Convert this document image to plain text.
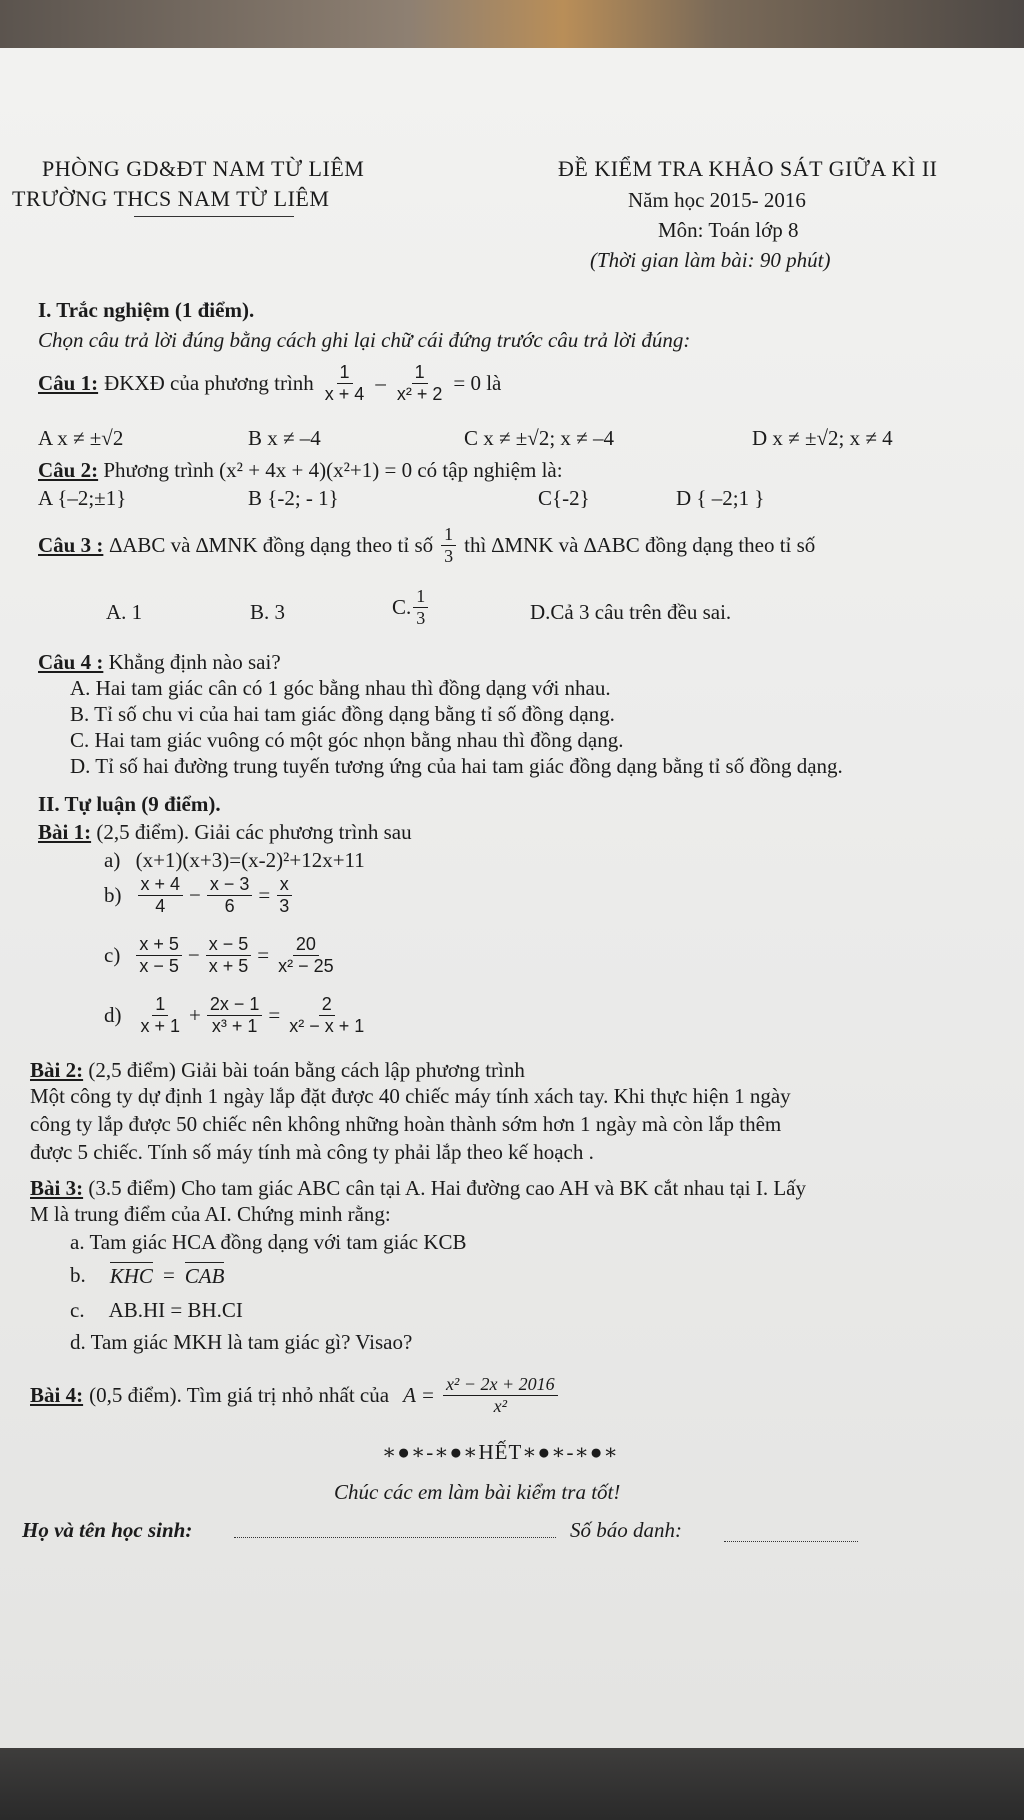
PHÒNG GD&ĐT NAM TỪ LIÊM
TRƯỜNG THCS NAM TỪ LIÊM
ĐỀ KIỂM TRA KHẢO SÁT GIỮA KÌ II
Năm học 2015- 2016
Môn: Toán lớp 8
(Thời gian làm bài: 90 phút)
I. Trắc nghiệm (1 điểm).
Chọn câu trả lời đúng bằng cách ghi lại chữ cái đứng trước câu trả lời đúng:
Câu 1: ĐKXĐ của phương trình $\frac{1}{x + 4} - \frac{1}{\text{x² + 2}} = 0$ là
A x ≠ ±√2	B x ≠ –4	C x ≠ ±√2; x ≠ –4	D x ≠ ±√2; x ≠ 4
Câu 2: Phương trình (x² + 4x + 4)(x²+1) = 0 có tập nghiệm là:
A {–2;±1}	B {-2; - 1}	C{-2}	D { –2;1 }
Câu 3 : ∆ABC và ∆MNK đồng dạng theo tỉ số $\frac{1}{3}$ thì ∆MNK và ∆ABC đồng dạng theo tỉ số
A. 1	B. 3	C. $\frac{1}{3}$	D.Cả 3 câu trên đều sai.
Câu 4 : Khẳng định nào sai?
A. Hai tam giác cân có 1 góc bằng nhau thì đồng dạng với nhau.
B. Tỉ số chu vi của hai tam giác đồng dạng bằng tỉ số đồng dạng.
C. Hai tam giác vuông có một góc nhọn bằng nhau thì đồng dạng.
D. Tỉ số hai đường trung tuyến tương ứng của hai tam giác đồng dạng bằng tỉ số đồng dạng.
II. Tự luận (9 điểm).
Bài 1: (2,5 điểm). Giải các phương trình sau
a) (x+1)(x+3)=(x-2)²+12x+11
$b) \frac{x + 4}{4} - \frac{x - 3}{6} = \frac{x}{3}$
$c) \frac{x + 5}{x - 5} - \frac{x - 5}{x + 5} = \frac{20}{\text{x² − 25}}$
$d) \frac{1}{x + 1} + \frac{2x - 1}{\text{x³ + 1}} = \frac{2}{\text{x² − x + 1}}$
Bài 2: (2,5 điểm) Giải bài toán bằng cách lập phương trình
Một công ty dự định 1 ngày lắp đặt được 40 chiếc máy tính xách tay. Khi thực hiện 1 ngày
công ty lắp được 50 chiếc nên không những hoàn thành sớm hơn 1 ngày mà còn lắp thêm
được 5 chiếc. Tính số máy tính mà công ty phải lắp theo kế hoạch .
Bài 3: (3.5 điểm) Cho tam giác ABC cân tại A. Hai đường cao AH và BK cắt nhau tại I. Lấy
M là trung điểm của AI. Chứng minh rằng:
a. Tam giác HCA đồng dạng với tam giác KCB
b. KHC = CAB
c. AB.HI = BH.CI
d. Tam giác MKH là tam giác gì? Visao?
Bài 4: (0,5 điểm). Tìm giá trị nhỏ nhất của $A = \frac{\text{x² − 2x + 2016}}{\text{x²}}$
∗●∗-∗●∗HẾT∗●∗-∗●∗
Chúc các em làm bài kiểm tra tốt!
Họ và tên học sinh:	Số báo danh:
